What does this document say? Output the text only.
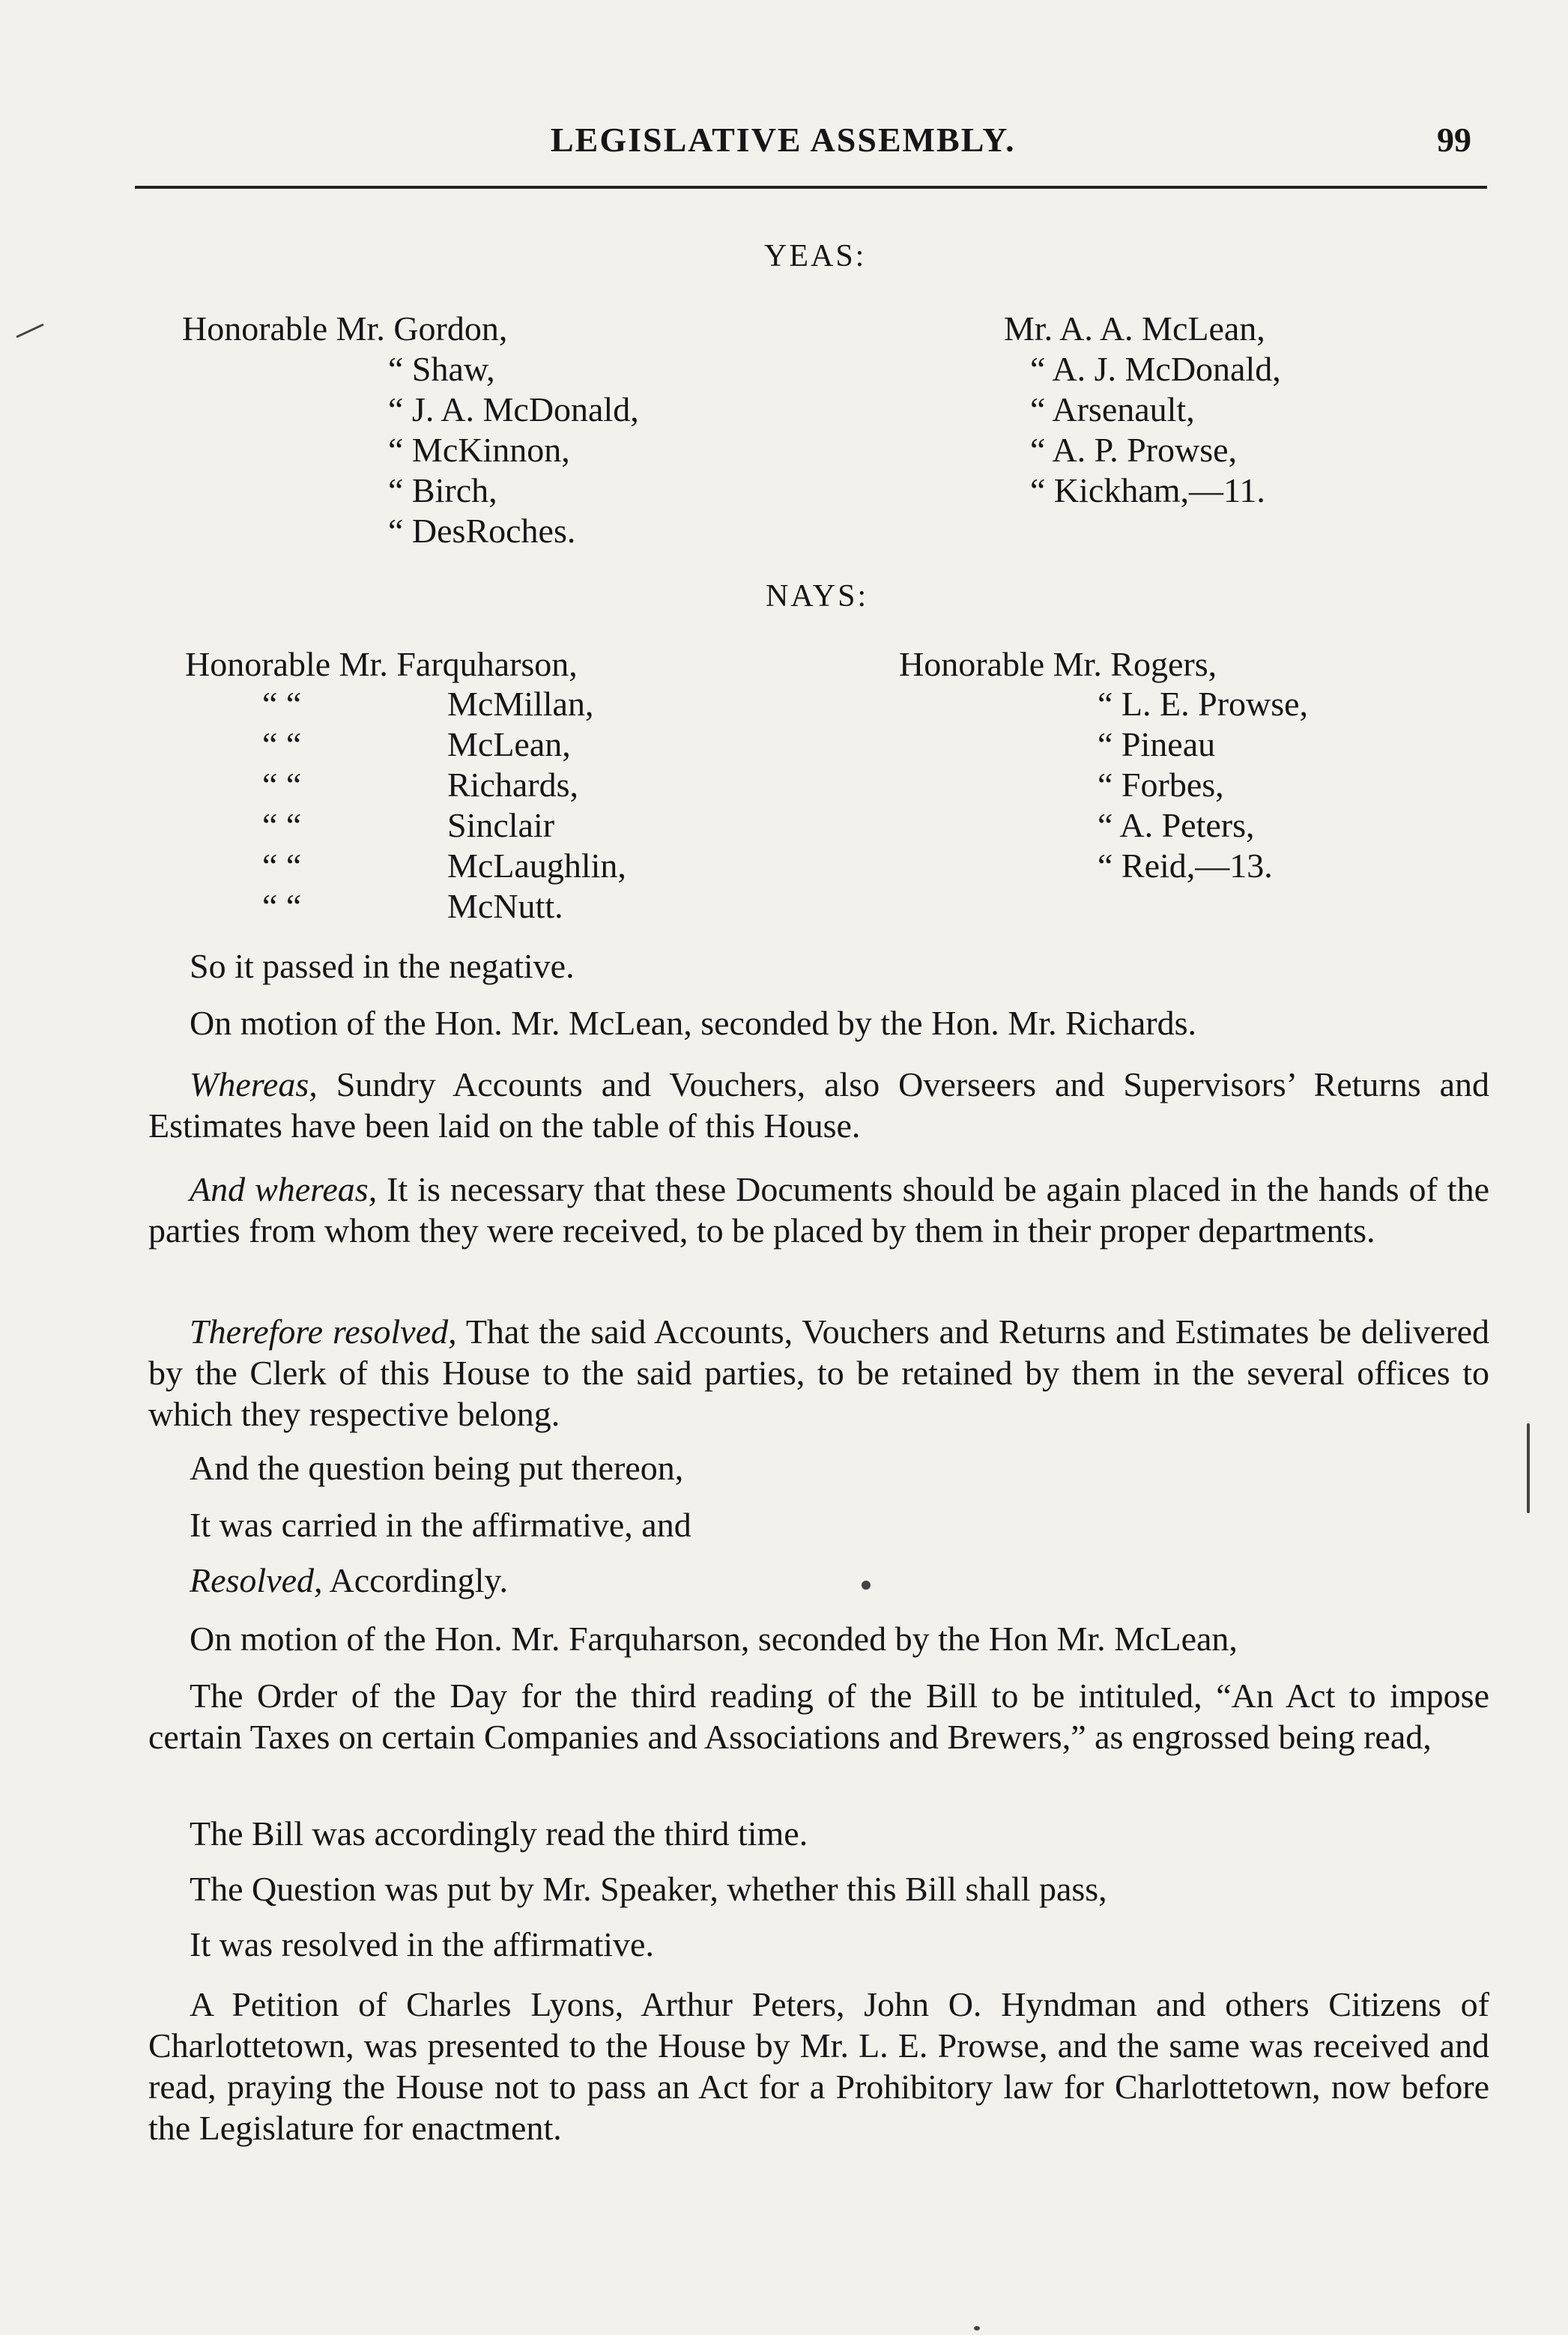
LEGISLATIVE ASSEMBLY.	99
YEAS:
Honorable Mr. Gordon,
“ Shaw,
“ J. A. McDonald,
“ McKinnon,
“ Birch,
“ DesRoches.
Mr. A. A. McLean,
“ A. J. McDonald,
“ Arsenault,
“ A. P. Prowse,
“ Kickham,—11.
NAYS:
Honorable Mr. Farquharson,
“ “	McMillan,
“ “	McLean,
“ “	Richards,
“ “	Sinclair
“ “	McLaughlin,
“ “	McNutt.
Honorable Mr. Rogers,
“ L. E. Prowse,
“ Pineau
“ Forbes,
“ A. Peters,
“ Reid,—13.
So it passed in the negative.
On motion of the Hon. Mr. McLean, seconded by the Hon. Mr. Richards.
Whereas, Sundry Accounts and Vouchers, also Overseers and Supervisors’ Returns and Estimates have been laid on the table of this House.
And whereas, It is necessary that these Documents should be again placed in the hands of the parties from whom they were received, to be placed by them in their proper departments.
Therefore resolved, That the said Accounts, Vouchers and Returns and Estimates be delivered by the Clerk of this House to the said parties, to be retained by them in the several offices to which they respective belong.
And the question being put thereon,
It was carried in the affirmative, and
Resolved, Accordingly.
On motion of the Hon. Mr. Farquharson, seconded by the Hon Mr. McLean,
The Order of the Day for the third reading of the Bill to be intituled, “An Act to impose certain Taxes on certain Companies and Associations and Brewers,” as engrossed being read,
The Bill was accordingly read the third time.
The Question was put by Mr. Speaker, whether this Bill shall pass,
It was resolved in the affirmative.
A Petition of Charles Lyons, Arthur Peters, John O. Hyndman and others Citizens of Charlottetown, was presented to the House by Mr. L. E. Prowse, and the same was received and read, praying the House not to pass an Act for a Prohibitory law for Charlottetown, now before the Legislature for enactment.
